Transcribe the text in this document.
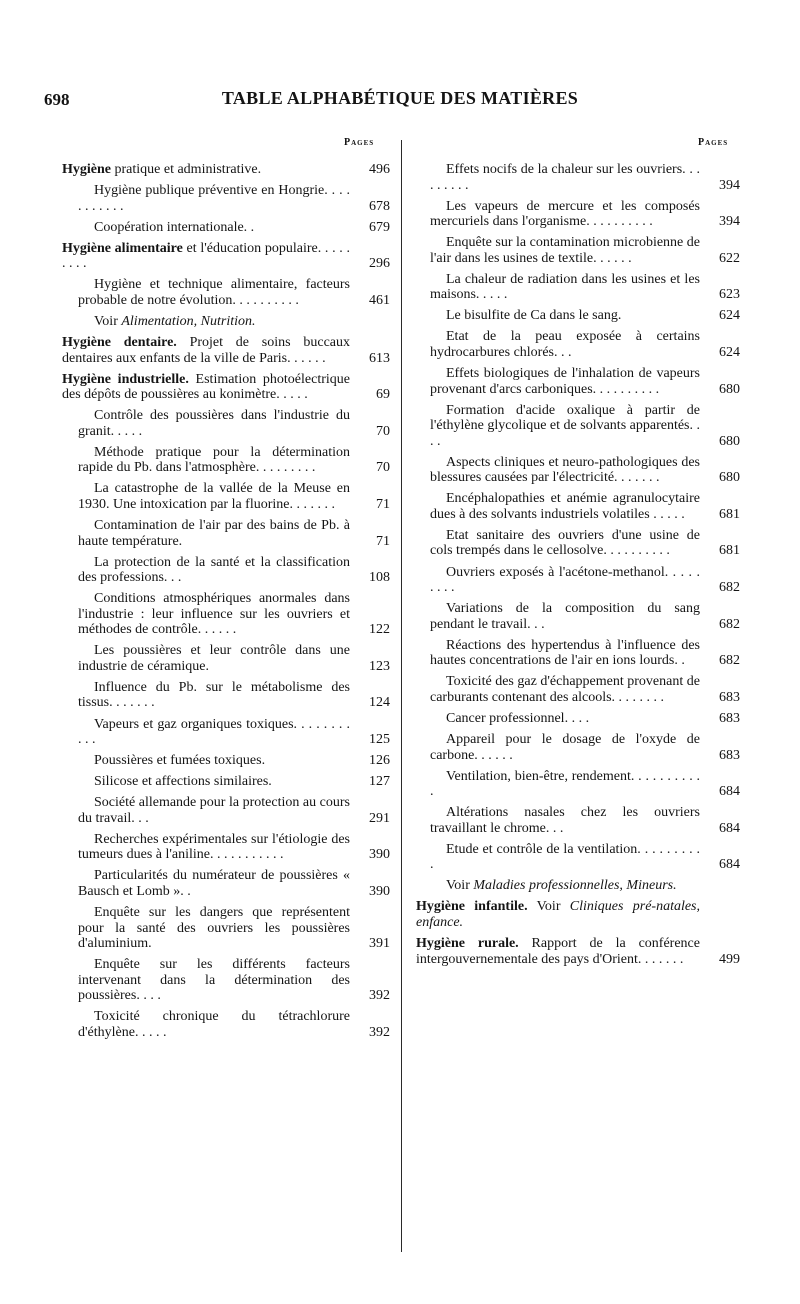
698	TABLE ALPHABÉTIQUE DES MATIÈRES
Pages	Pages
Hygiène pratique et administrative.	496
Hygiène publique préventive en Hongrie. . . . . . . . . . .	678
Coopération internationale. .	679
Hygiène alimentaire et l'éducation populaire. . . . . . . . .	296
Hygiène et technique alimentaire, facteurs probable de notre évolution. . . . . . . . . .	461
Voir Alimentation, Nutrition.
Hygiène dentaire. Projet de soins buccaux dentaires aux enfants de la ville de Paris. . . . . .	613
Hygiène industrielle. Estimation photoélectrique des dépôts de poussières au konimètre. . . . .	69
Contrôle des poussières dans l'industrie du granit. . . . .	70
Méthode pratique pour la détermination rapide du Pb. dans l'atmosphère. . . . . . . . .	70
La catastrophe de la vallée de la Meuse en 1930. Une intoxication par la fluorine. . . . . . .	71
Contamination de l'air par des bains de Pb. à haute température.	71
La protection de la santé et la classification des professions. . .	108
Conditions atmosphériques anormales dans l'industrie : leur influence sur les ouvriers et méthodes de contrôle. . . . . .	122
Les poussières et leur contrôle dans une industrie de céramique.	123
Influence du Pb. sur le métabolisme des tissus. . . . . . .	124
Vapeurs et gaz organiques toxiques. . . . . . . . . . .	125
Poussières et fumées toxiques.	126
Silicose et affections similaires.	127
Société allemande pour la protection au cours du travail. . .	291
Recherches expérimentales sur l'étiologie des tumeurs dues à l'aniline. . . . . . . . . . .	390
Particularités du numérateur de poussières « Bausch et Lomb ». .	390
Enquête sur les dangers que représentent pour la santé des ouvriers les poussières d'aluminium.	391
Enquête sur les différents facteurs intervenant dans la détermination des poussières. . . .	392
Toxicité chronique du tétrachlorure d'éthylène. . . . .	392
Effets nocifs de la chaleur sur les ouvriers. . . . . . . . .	394
Les vapeurs de mercure et les composés mercuriels dans l'organisme. . . . . . . . . .	394
Enquête sur la contamination microbienne de l'air dans les usines de textile. . . . . .	622
La chaleur de radiation dans les usines et les maisons. . . . .	623
Le bisulfite de Ca dans le sang.	624
Etat de la peau exposée à certains hydrocarbures chlorés. . .	624
Effets biologiques de l'inhalation de vapeurs provenant d'arcs carboniques. . . . . . . . . .	680
Formation d'acide oxalique à partir de l'éthylène glycolique et de solvants apparentés. . . .	680
Aspects cliniques et neuro-pathologiques des blessures causées par l'électricité. . . . . . .	680
Encéphalopathies et anémie agranulocytaire dues à des solvants industriels volatiles . . . . .	681
Etat sanitaire des ouvriers d'une usine de cols trempés dans le cellosolve. . . . . . . . . .	681
Ouvriers exposés à l'acétone-methanol. . . . . . . . .	682
Variations de la composition du sang pendant le travail. . .	682
Réactions des hypertendus à l'influence des hautes concentrations de l'air en ions lourds. .	682
Toxicité des gaz d'échappement provenant de carburants contenant des alcools. . . . . . . .	683
Cancer professionnel. . . .	683
Appareil pour le dosage de l'oxyde de carbone. . . . . .	683
Ventilation, bien-être, rendement. . . . . . . . . . .	684
Altérations nasales chez les ouvriers travaillant le chrome. . .	684
Etude et contrôle de la ventilation. . . . . . . . . .	684
Voir Maladies professionnelles, Mineurs.
Hygiène infantile. Voir Cliniques pré-natales, enfance.
Hygiène rurale. Rapport de la conférence intergouvernementale des pays d'Orient. . . . . . .	499
